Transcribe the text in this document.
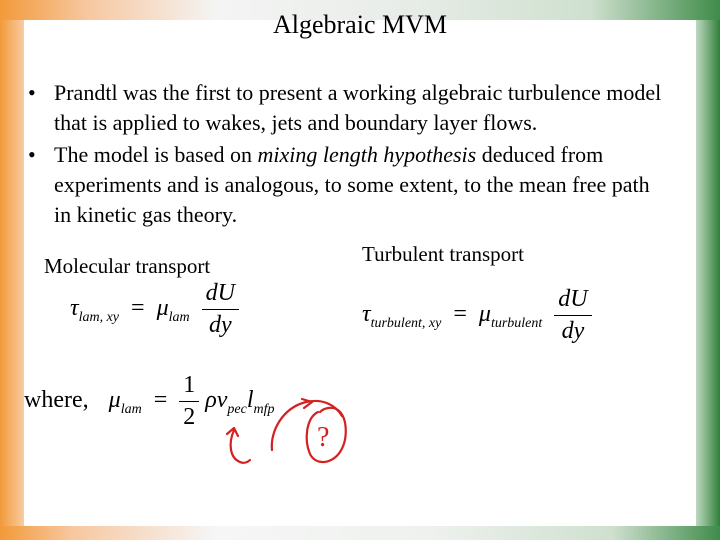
Algebraic MVM
• Prandtl was the first to present a working algebraic turbulence model that is applied to wakes, jets and boundary layer flows.
• The model is based on mixing length hypothesis deduced from experiments and is analogous, to some extent, to the mean free path in kinetic gas theory.
Molecular transport
$\tau_{lam, xy} = \mu_{lam} \frac{dU}{dy}$
Turbulent transport
$\tau_{turbulent, xy} = \mu_{turbulent} \frac{dU}{dy}$
where, $\mu_{lam} = \frac{1}{2} \rho v_{pec}l_{mfp}$
?
